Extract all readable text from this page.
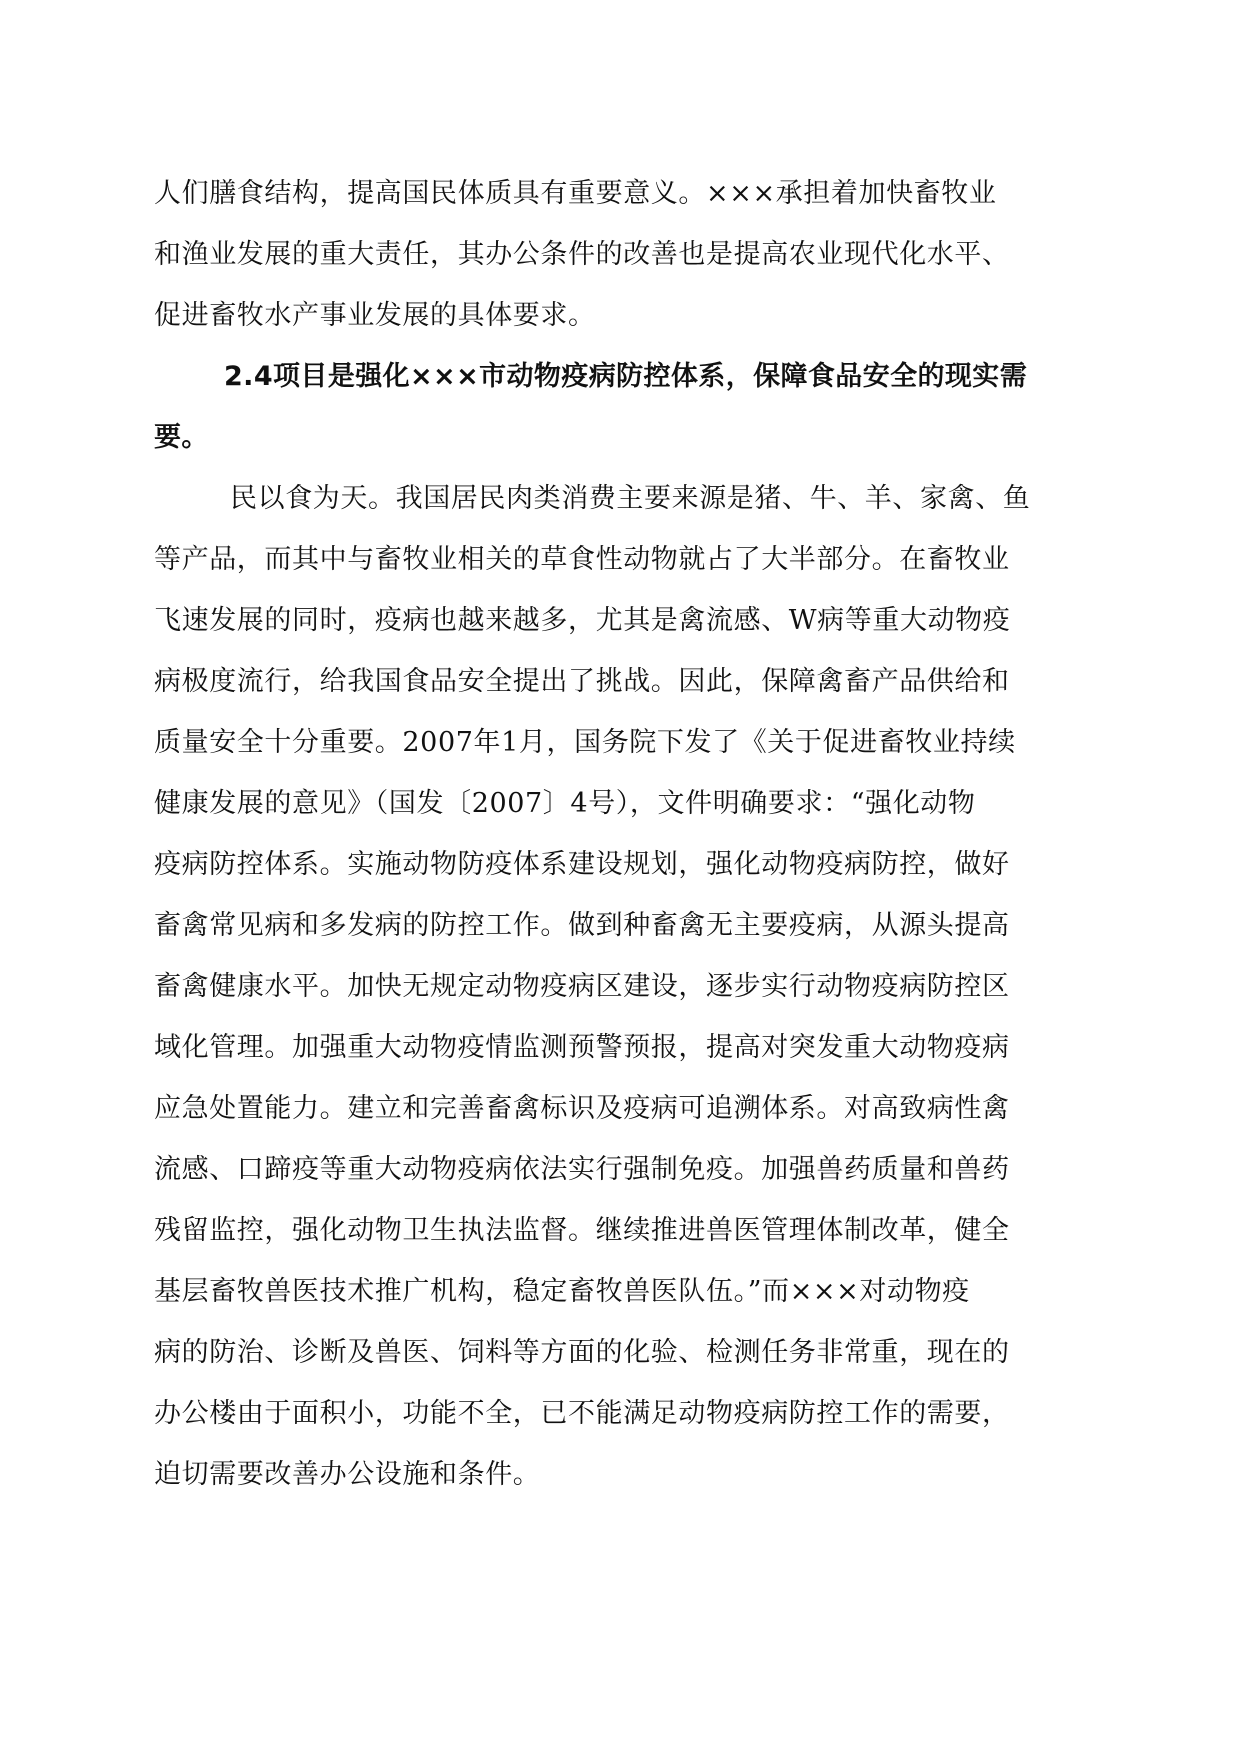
人们膳食结构，提高国民体质具有重要意义。×××承担着加快畜牧业
和渔业发展的重大责任，其办公条件的改善也是提高农业现代化水平、
促进畜牧水产事业发展的具体要求。
2.4项目是强化×××市动物疫病防控体系，保障食品安全的现实需
要。
民以食为天。我国居民肉类消费主要来源是猪、牛、羊、家禽、鱼
等产品，而其中与畜牧业相关的草食性动物就占了大半部分。在畜牧业
飞速发展的同时，疫病也越来越多，尤其是禽流感、W病等重大动物疫
病极度流行，给我国食品安全提出了挑战。因此，保障禽畜产品供给和
质量安全十分重要。2007年1月，国务院下发了《关于促进畜牧业持续
健康发展的意见》（国发〔2007〕4号），文件明确要求：“强化动物
疫病防控体系。实施动物防疫体系建设规划，强化动物疫病防控，做好
畜禽常见病和多发病的防控工作。做到种畜禽无主要疫病，从源头提高
畜禽健康水平。加快无规定动物疫病区建设，逐步实行动物疫病防控区
域化管理。加强重大动物疫情监测预警预报，提高对突发重大动物疫病
应急处置能力。建立和完善畜禽标识及疫病可追溯体系。对高致病性禽
流感、口蹄疫等重大动物疫病依法实行强制免疫。加强兽药质量和兽药
残留监控，强化动物卫生执法监督。继续推进兽医管理体制改革，健全
基层畜牧兽医技术推广机构，稳定畜牧兽医队伍。”而×××对动物疫
病的防治、诊断及兽医、饲料等方面的化验、检测任务非常重，现在的
办公楼由于面积小，功能不全，已不能满足动物疫病防控工作的需要，
迫切需要改善办公设施和条件。
